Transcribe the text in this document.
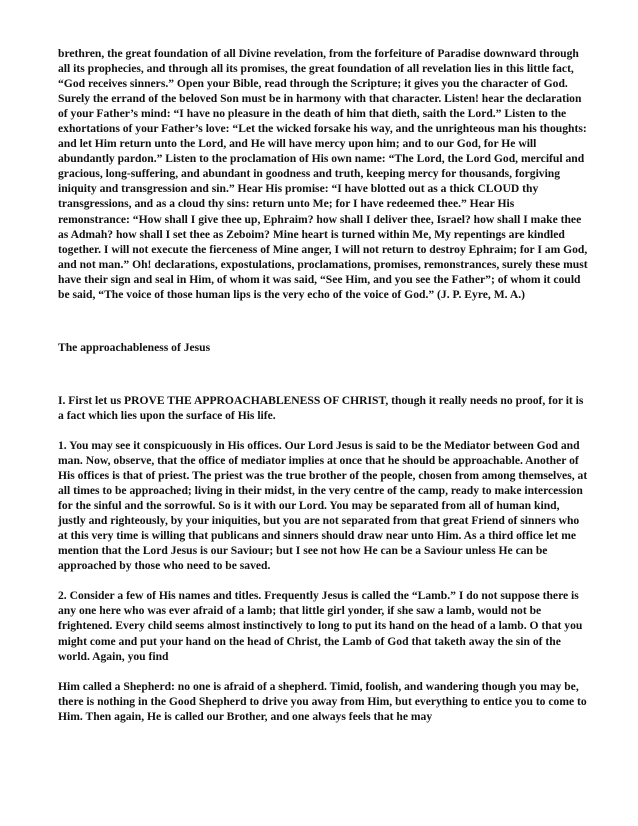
brethren, the great foundation of all Divine revelation, from the forfeiture of Paradise downward through all its prophecies, and through all its promises, the great foundation of all revelation lies in this little fact, “God receives sinners.” Open your Bible, read through the Scripture; it gives you the character of God. Surely the errand of the beloved Son must be in harmony with that character. Listen! hear the declaration of your Father’s mind: “I have no pleasure in the death of him that dieth, saith the Lord.” Listen to the exhortations of your Father’s love: “Let the wicked forsake his way, and the unrighteous man his thoughts: and let Him return unto the Lord, and He will have mercy upon him; and to our God, for He will abundantly pardon.” Listen to the proclamation of His own name: “The Lord, the Lord God, merciful and gracious, long-suffering, and abundant in goodness and truth, keeping mercy for thousands, forgiving iniquity and transgression and sin.” Hear His promise: “I have blotted out as a thick CLOUD thy transgressions, and as a cloud thy sins: return unto Me; for I have redeemed thee.” Hear His remonstrance: “How shall I give thee up, Ephraim? how shall I deliver thee, Israel? how shall I make thee as Admah? how shall I set thee as Zeboim? Mine heart is turned within Me, My repentings are kindled together. I will not execute the fierceness of Mine anger, I will not return to destroy Ephraim; for I am God, and not man.” Oh! declarations, expostulations, proclamations, promises, remonstrances, surely these must have their sign and seal in Him, of whom it was said, “See Him, and you see the Father”; of whom it could be said, “The voice of those human lips is the very echo of the voice of God.” (J. P. Eyre, M. A.)

The approachableness of Jesus

I. First let us PROVE THE APPROACHABLENESS OF CHRIST, though it really needs no proof, for it is a fact which lies upon the surface of His life.

1. You may see it conspicuously in His offices. Our Lord Jesus is said to be the Mediator between God and man. Now, observe, that the office of mediator implies at once that he should be approachable. Another of His offices is that of priest. The priest was the true brother of the people, chosen from among themselves, at all times to be approached; living in their midst, in the very centre of the camp, ready to make intercession for the sinful and the sorrowful. So is it with our Lord. You may be separated from all of human kind, justly and righteously, by your iniquities, but you are not separated from that great Friend of sinners who at this very time is willing that publicans and sinners should draw near unto Him. As a third office let me mention that the Lord Jesus is our Saviour; but I see not how He can be a Saviour unless He can be approached by those who need to be saved.

2. Consider a few of His names and titles. Frequently Jesus is called the “Lamb.” I do not suppose there is any one here who was ever afraid of a lamb; that little girl yonder, if she saw a lamb, would not be frightened. Every child seems almost instinctively to long to put its hand on the head of a lamb. O that you might come and put your hand on the head of Christ, the Lamb of God that taketh away the sin of the world. Again, you find

Him called a Shepherd: no one is afraid of a shepherd. Timid, foolish, and wandering though you may be, there is nothing in the Good Shepherd to drive you away from Him, but everything to entice you to come to Him. Then again, He is called our Brother, and one always feels that he may
